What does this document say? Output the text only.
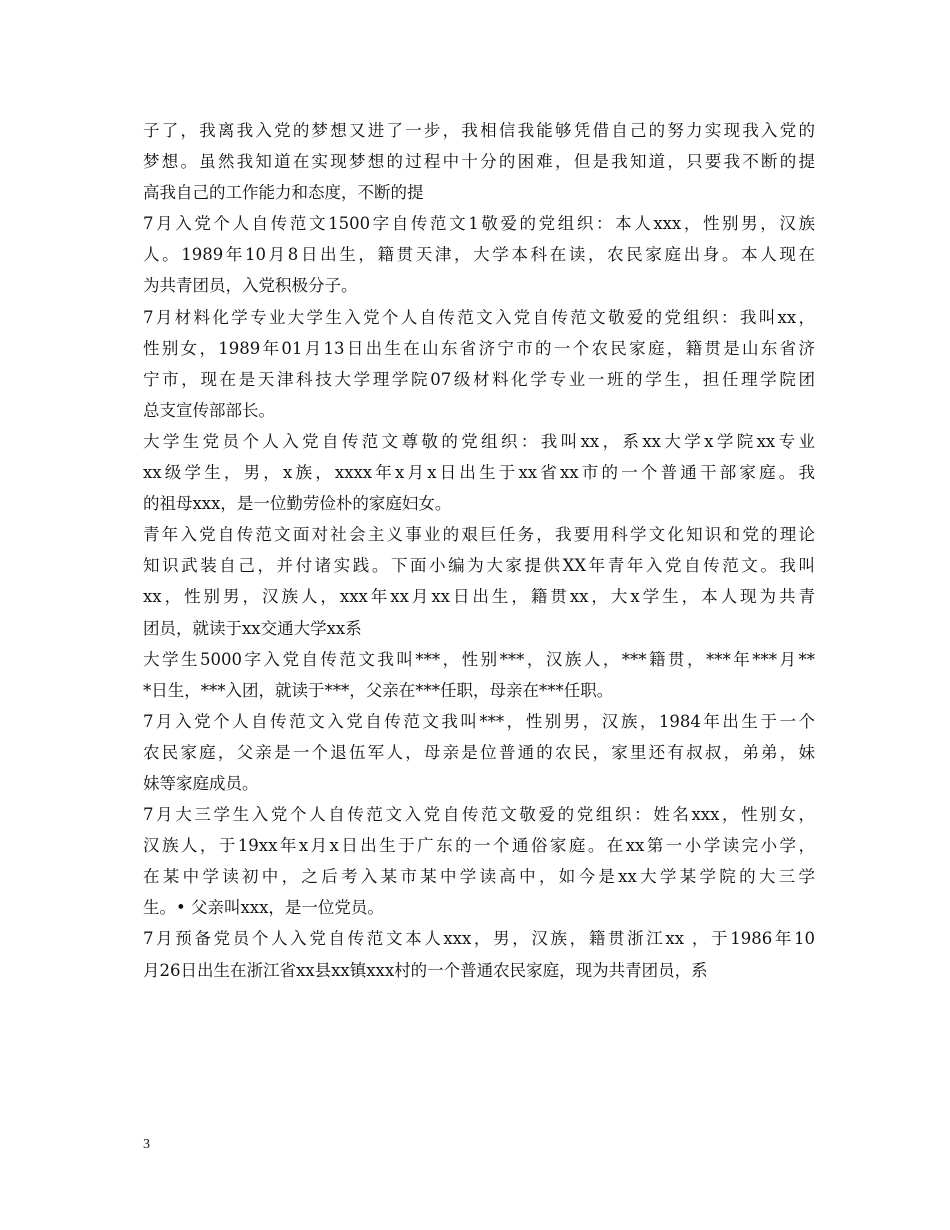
子了，我离我入党的梦想又进了一步，我相信我能够凭借自己的努力实现我入党的
梦想。虽然我知道在实现梦想的过程中十分的困难，但是我知道，只要我不断的提
高我自己的工作能力和态度，不断的提
7月入党个人自传范文1500字自传范文1敬爱的党组织：本人xxx，性别男，汉族
人。1989年10月8日出生，籍贯天津，大学本科在读，农民家庭出身。本人现在
为共青团员，入党积极分子。
7月材料化学专业大学生入党个人自传范文入党自传范文敬爱的党组织：我叫xx，
性别女，1989年01月13日出生在山东省济宁市的一个农民家庭，籍贯是山东省济
宁市，现在是天津科技大学理学院07级材料化学专业一班的学生，担任理学院团
总支宣传部部长。
大学生党员个人入党自传范文尊敬的党组织：我叫xx，系xx大学x学院xx专业
xx级学生，男，x族，xxxx年x月x日出生于xx省xx市的一个普通干部家庭。我
的祖母xxx，是一位勤劳俭朴的家庭妇女。
青年入党自传范文面对社会主义事业的艰巨任务，我要用科学文化知识和党的理论
知识武装自己，并付诸实践。下面小编为大家提供XX年青年入党自传范文。我叫
xx，性别男，汉族人，xxx年xx月xx日出生，籍贯xx，大x学生，本人现为共青
团员，就读于xx交通大学xx系
大学生5000字入党自传范文我叫***，性别***，汉族人，***籍贯，***年***月**
*日生，***入团，就读于***，父亲在***任职，母亲在***任职。
7月入党个人自传范文入党自传范文我叫***，性别男，汉族，1984年出生于一个
农民家庭，父亲是一个退伍军人，母亲是位普通的农民，家里还有叔叔，弟弟，妹
妹等家庭成员。
7月大三学生入党个人自传范文入党自传范文敬爱的党组织：姓名xxx，性别女，
汉族人，于19xx年x月x日出生于广东的一个通俗家庭。在xx第一小学读完小学，
在某中学读初中，之后考入某市某中学读高中，如今是xx大学某学院的大三学
生。• 父亲叫xxx，是一位党员。
7月预备党员个人入党自传范文本人xxx，男，汉族，籍贯浙江xx ，于1986年10
月26日出生在浙江省xx县xx镇xxx村的一个普通农民家庭，现为共青团员，系
3
